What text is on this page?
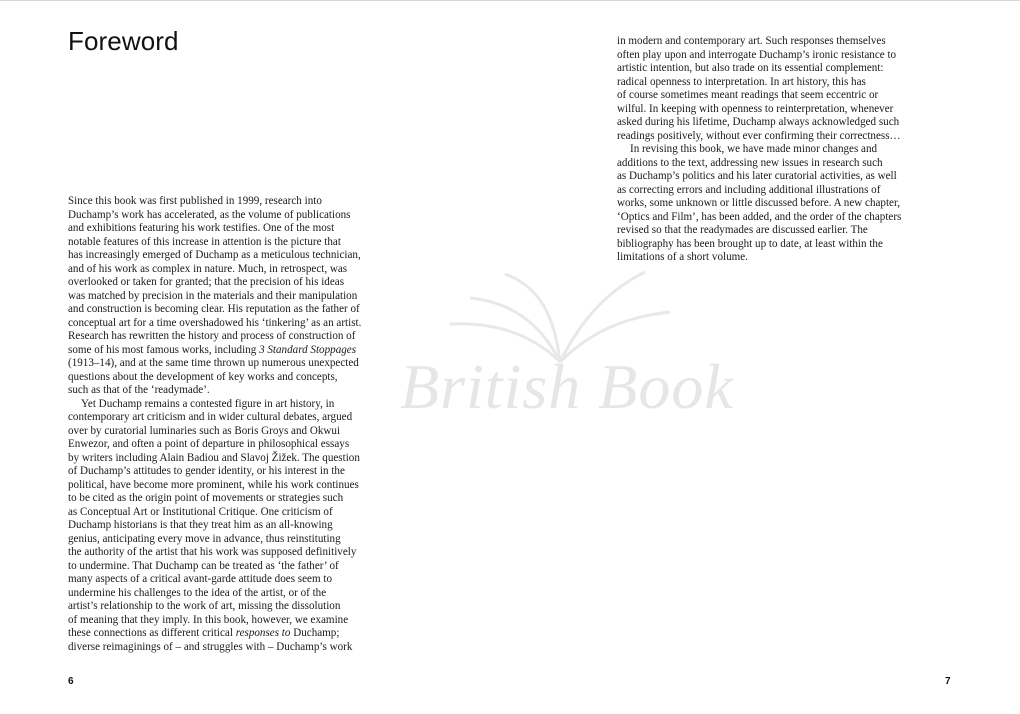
Foreword
Since this book was first published in 1999, research into
Duchamp’s work has accelerated, as the volume of publications
and exhibitions featuring his work testifies. One of the most
notable features of this increase in attention is the picture that
has increasingly emerged of Duchamp as a meticulous technician,
and of his work as complex in nature. Much, in retrospect, was
overlooked or taken for granted; that the precision of his ideas
was matched by precision in the materials and their manipulation
and construction is becoming clear. His reputation as the father of
conceptual art for a time overshadowed his ‘tinkering’ as an artist.
Research has rewritten the history and process of construction of
some of his most famous works, including 3 Standard Stoppages
(1913–14), and at the same time thrown up numerous unexpected
questions about the development of key works and concepts,
such as that of the ‘readymade’.
Yet Duchamp remains a contested figure in art history, in
contemporary art criticism and in wider cultural debates, argued
over by curatorial luminaries such as Boris Groys and Okwui
Enwezor, and often a point of departure in philosophical essays
by writers including Alain Badiou and Slavoj Žižek. The question
of Duchamp’s attitudes to gender identity, or his interest in the
political, have become more prominent, while his work continues
to be cited as the origin point of movements or strategies such
as Conceptual Art or Institutional Critique. One criticism of
Duchamp historians is that they treat him as an all-knowing
genius, anticipating every move in advance, thus reinstituting
the authority of the artist that his work was supposed definitively
to undermine. That Duchamp can be treated as ‘the father’ of
many aspects of a critical avant-garde attitude does seem to
undermine his challenges to the idea of the artist, or of the
artist’s relationship to the work of art, missing the dissolution
of meaning that they imply. In this book, however, we examine
these connections as different critical responses to Duchamp;
diverse reimaginings of – and struggles with – Duchamp’s work
6	7
in modern and contemporary art. Such responses themselves
often play upon and interrogate Duchamp’s ironic resistance to
artistic intention, but also trade on its essential complement:
radical openness to interpretation. In art history, this has
of course sometimes meant readings that seem eccentric or
wilful. In keeping with openness to reinterpretation, whenever
asked during his lifetime, Duchamp always acknowledged such
readings positively, without ever confirming their correctness…
In revising this book, we have made minor changes and
additions to the text, addressing new issues in research such
as Duchamp’s politics and his later curatorial activities, as well
as correcting errors and including additional illustrations of
works, some unknown or little discussed before. A new chapter,
‘Optics and Film’, has been added, and the order of the chapters
revised so that the readymades are discussed earlier. The
bibliography has been brought up to date, at least within the
limitations of a short volume.
British Book
